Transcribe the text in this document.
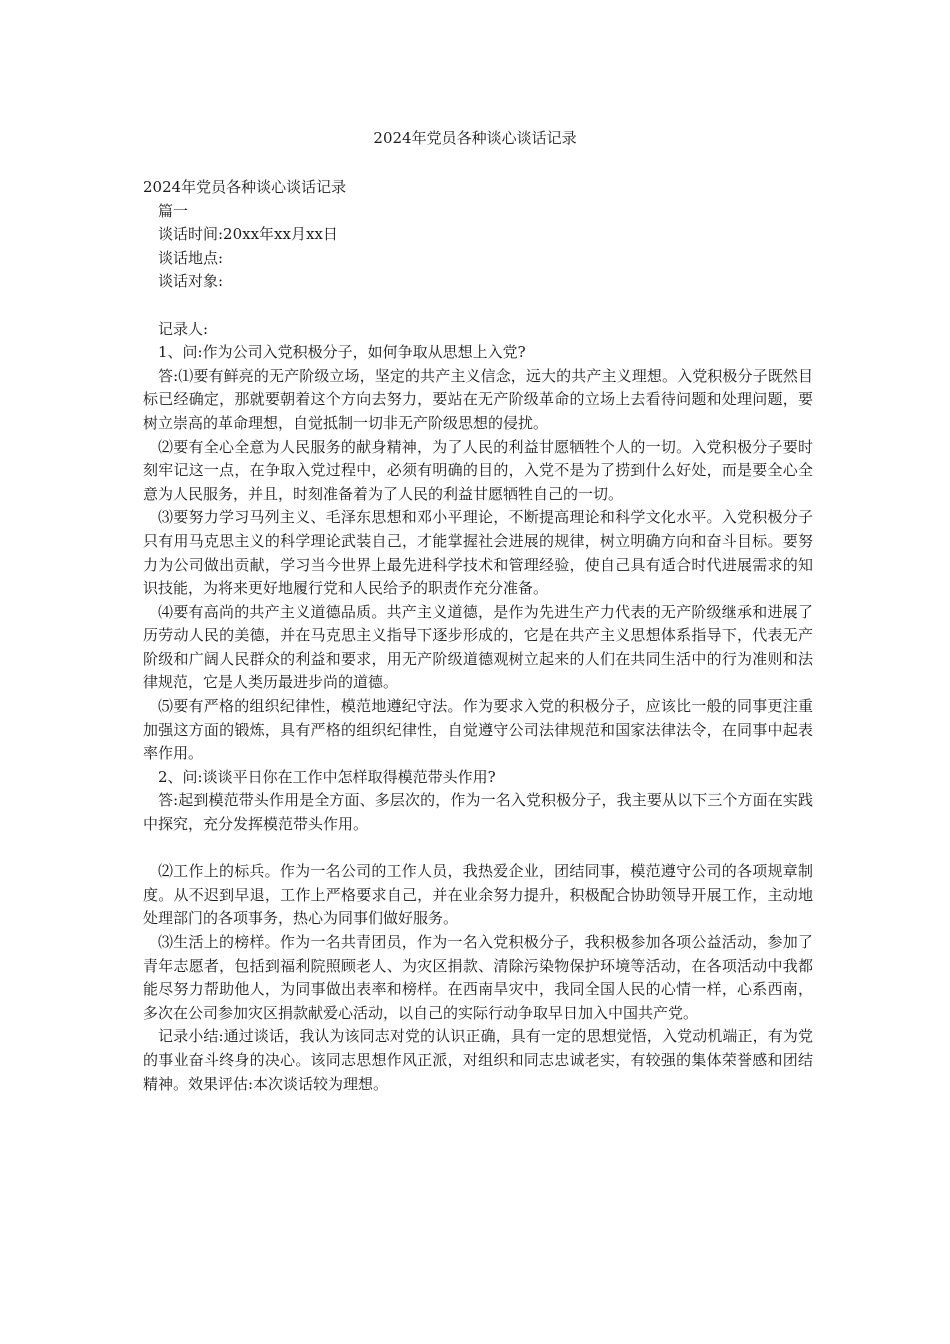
2024年党员各种谈心谈话记录
2024年党员各种谈心谈话记录
篇一
谈话时间:20xx年xx月xx日
谈话地点:
谈话对象:
记录人:
1、问:作为公司入党积极分子，如何争取从思想上入党?
答:⑴要有鲜亮的无产阶级立场，坚定的共产主义信念，远大的共产主义理想。入党积极分子既然目标已经确定，那就要朝着这个方向去努力，要站在无产阶级革命的立场上去看待问题和处理问题，要树立崇高的革命理想，自觉抵制一切非无产阶级思想的侵扰。
⑵要有全心全意为人民服务的献身精神，为了人民的利益甘愿牺牲个人的一切。入党积极分子要时刻牢记这一点，在争取入党过程中，必须有明确的目的，入党不是为了捞到什么好处，而是要全心全意为人民服务，并且，时刻准备着为了人民的利益甘愿牺牲自己的一切。
⑶要努力学习马列主义、毛泽东思想和邓小平理论，不断提高理论和科学文化水平。入党积极分子只有用马克思主义的科学理论武装自己，才能掌握社会进展的规律，树立明确方向和奋斗目标。要努力为公司做出贡献，学习当今世界上最先进科学技术和管理经验，使自己具有适合时代进展需求的知识技能，为将来更好地履行党和人民给予的职责作充分准备。
⑷要有高尚的共产主义道德品质。共产主义道德，是作为先进生产力代表的无产阶级继承和进展了历劳动人民的美德，并在马克思主义指导下逐步形成的，它是在共产主义思想体系指导下，代表无产阶级和广阔人民群众的利益和要求，用无产阶级道德观树立起来的人们在共同生活中的行为准则和法律规范，它是人类历最进步尚的道德。
⑸要有严格的组织纪律性，模范地遵纪守法。作为要求入党的积极分子，应该比一般的同事更注重加强这方面的锻炼，具有严格的组织纪律性，自觉遵守公司法律规范和国家法律法令，在同事中起表率作用。
2、问:谈谈平日你在工作中怎样取得模范带头作用?
答:起到模范带头作用是全方面、多层次的，作为一名入党积极分子，我主要从以下三个方面在实践中探究，充分发挥模范带头作用。
⑵工作上的标兵。作为一名公司的工作人员，我热爱企业，团结同事，模范遵守公司的各项规章制度。从不迟到早退，工作上严格要求自己，并在业余努力提升，积极配合协助领导开展工作，主动地处理部门的各项事务，热心为同事们做好服务。
⑶生活上的榜样。作为一名共青团员，作为一名入党积极分子，我积极参加各项公益活动，参加了青年志愿者，包括到福利院照顾老人、为灾区捐款、清除污染物保护环境等活动，在各项活动中我都能尽努力帮助他人，为同事做出表率和榜样。在西南旱灾中，我同全国人民的心情一样，心系西南，多次在公司参加灾区捐款献爱心活动，以自己的实际行动争取早日加入中国共产党。
记录小结:通过谈话，我认为该同志对党的认识正确，具有一定的思想觉悟，入党动机端正，有为党的事业奋斗终身的决心。该同志思想作风正派，对组织和同志忠诚老实，有较强的集体荣誉感和团结精神。效果评估:本次谈话较为理想。
